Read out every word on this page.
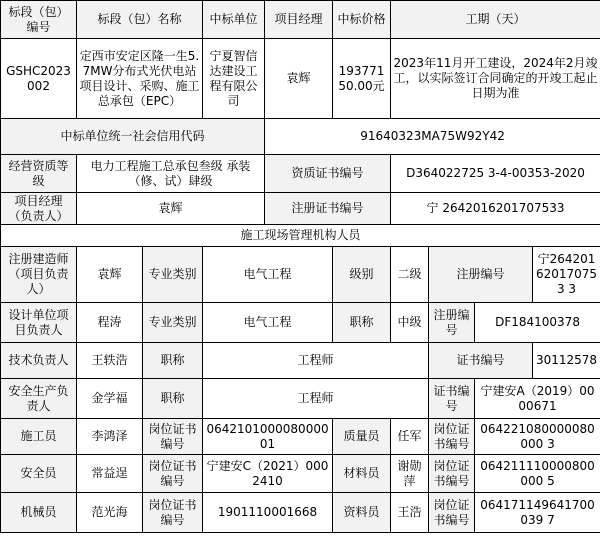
标段（包）编号	标段（包）名称		中标单位	项目经理	中标价格	工期（天）			
GSHC2023002	定西市安定区隆一生5.7MW分布式光伏电站项目设计、采购、施工总承包（EPC）		宁夏智信达建设工程有限公司	袁辉	19377150.00元	2023年11月开工建设，2024年2月竣工，以实际签订合同确定的开竣工起止日期为准			
中标单位统一社会信用代码				91640323MA75W92Y42					
经营资质等级	电力工程施工总承包叁级 承装（修、试）肆级			资质证书编号		D364022725 3-4-00353-2020			
项目经理（负责人）	袁辉			注册证书编号		宁 2642016201707533			
施工现场管理机构人员									
注册建造师（项目负责人）	袁辉	专业类别	电气工程		级别	二级	注册编号		宁264201620170753 3
设计单位项目负责人	程涛	专业类别	电气工程		职称	中级	注册编号	DF184100378	
技术负责人	王轶浩	职称	工程师				证书编号		30112578
安全生产负责人	金学福	职称	工程师				证书编号	宁建安A（2019）0000671	
施工员	李鸿泽	岗位证书编号	064210100008000001		质量员	任军	岗位证书编号	064221080000080000 3	
安全员	常益逞	岗位证书编号	宁建安C（2021）0002410		材料员	谢勋萍	岗位证书编号	064211110000800000 5	
机械员	范光海	岗位证书编号	1901110001668		资料员	王浩	岗位证书编号	064171149641700039 7	
